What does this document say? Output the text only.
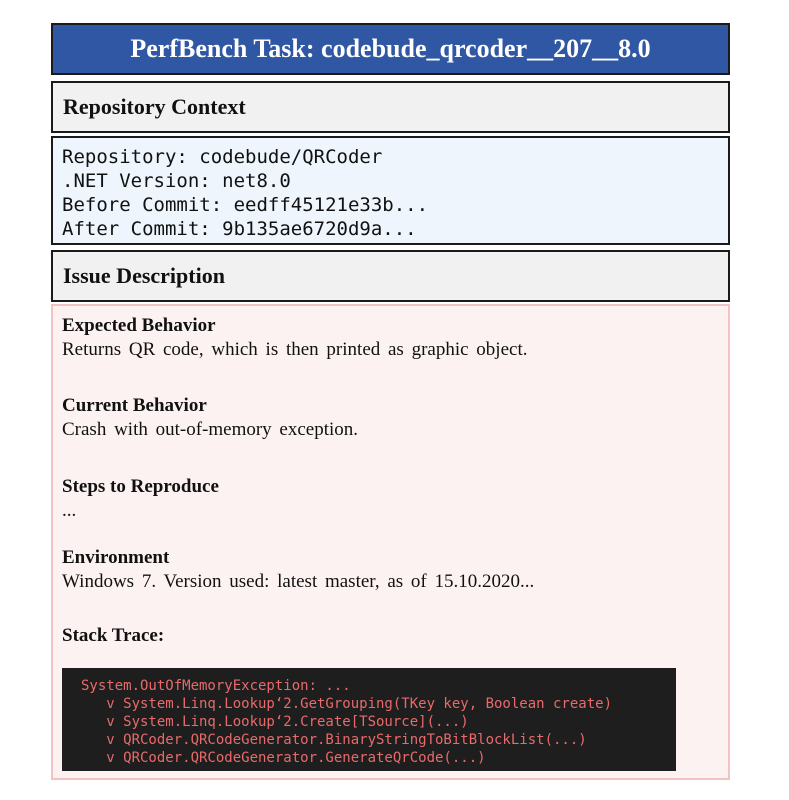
PerfBench Task: codebude_qrcoder__207__8.0
Repository Context
Repository: codebude/QRCoder
.NET Version: net8.0
Before Commit: eedff45121e33b...
After Commit: 9b135ae6720d9a...
Issue Description
Expected Behavior

Returns QR code, which is then printed as graphic object.

Current Behavior

Crash with out-of-memory exception.

Steps to Reproduce

...

Environment

Windows 7. Version used: latest master, as of 15.10.2020...

Stack Trace:
System.OutOfMemoryException: ...
v System.Linq.Lookup‘2.GetGrouping(TKey key, Boolean create)
v System.Linq.Lookup‘2.Create[TSource](...)
v QRCoder.QRCodeGenerator.BinaryStringToBitBlockList(...)
v QRCoder.QRCodeGenerator.GenerateQrCode(...)
